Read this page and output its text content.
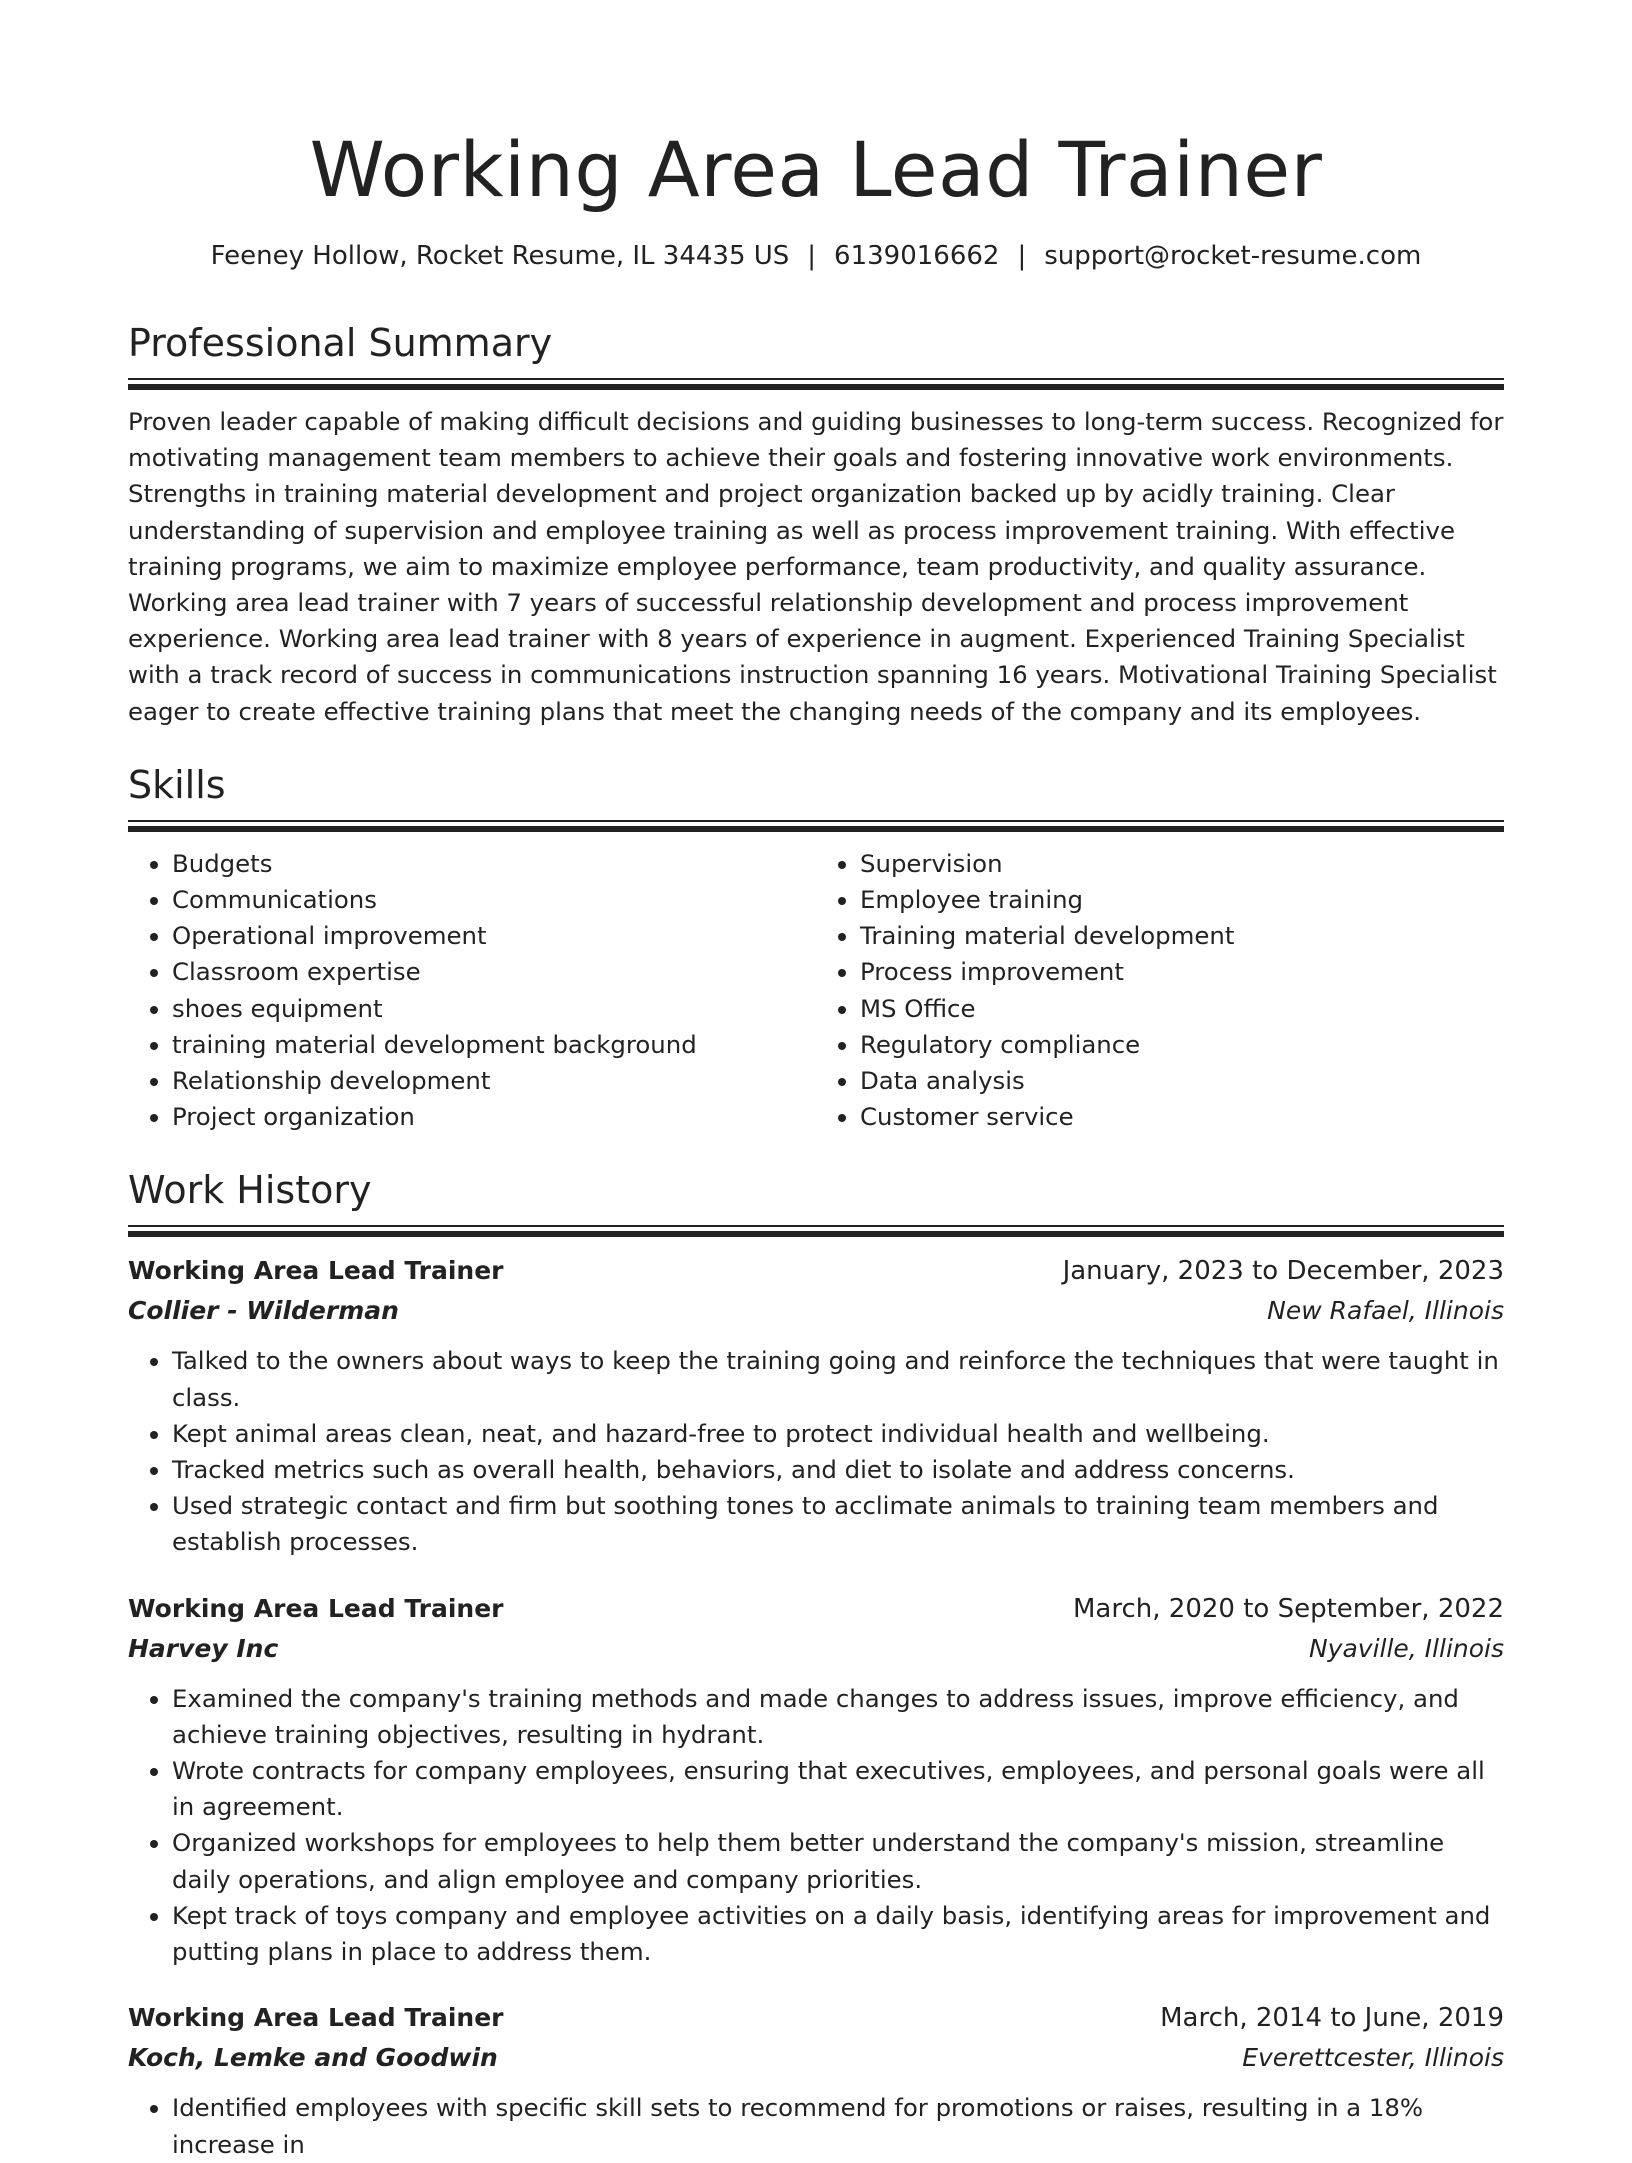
Working Area Lead Trainer
Feeney Hollow, Rocket Resume, IL 34435 US | 6139016662 | support@rocket-resume.com
Professional Summary
Proven leader capable of making difficult decisions and guiding businesses to long-term success. Recognized for motivating management team members to achieve their goals and fostering innovative work environments. Strengths in training material development and project organization backed up by acidly training. Clear understanding of supervision and employee training as well as process improvement training. With effective training programs, we aim to maximize employee performance, team productivity, and quality assurance. Working area lead trainer with 7 years of successful relationship development and process improvement experience. Working area lead trainer with 8 years of experience in augment. Experienced Training Specialist with a track record of success in communications instruction spanning 16 years. Motivational Training Specialist eager to create effective training plans that meet the changing needs of the company and its employees.
Skills
• Budgets
• Communications
• Operational improvement
• Classroom expertise
• shoes equipment
• training material development background
• Relationship development
• Project organization
• Supervision
• Employee training
• Training material development
• Process improvement
• MS Office
• Regulatory compliance
• Data analysis
• Customer service
Work History
Working Area Lead Trainer	January, 2023 to December, 2023
Collier - Wilderman	New Rafael, Illinois
• Talked to the owners about ways to keep the training going and reinforce the techniques that were taught in class.
• Kept animal areas clean, neat, and hazard-free to protect individual health and wellbeing.
• Tracked metrics such as overall health, behaviors, and diet to isolate and address concerns.
• Used strategic contact and firm but soothing tones to acclimate animals to training team members and establish processes.
Working Area Lead Trainer	March, 2020 to September, 2022
Harvey Inc	Nyaville, Illinois
• Examined the company's training methods and made changes to address issues, improve efficiency, and achieve training objectives, resulting in hydrant.
• Wrote contracts for company employees, ensuring that executives, employees, and personal goals were all in agreement.
• Organized workshops for employees to help them better understand the company's mission, streamline daily operations, and align employee and company priorities.
• Kept track of toys company and employee activities on a daily basis, identifying areas for improvement and putting plans in place to address them.
Working Area Lead Trainer	March, 2014 to June, 2019
Koch, Lemke and Goodwin	Everettcester, Illinois
• Identified employees with specific skill sets to recommend for promotions or raises, resulting in a 18% increase in
